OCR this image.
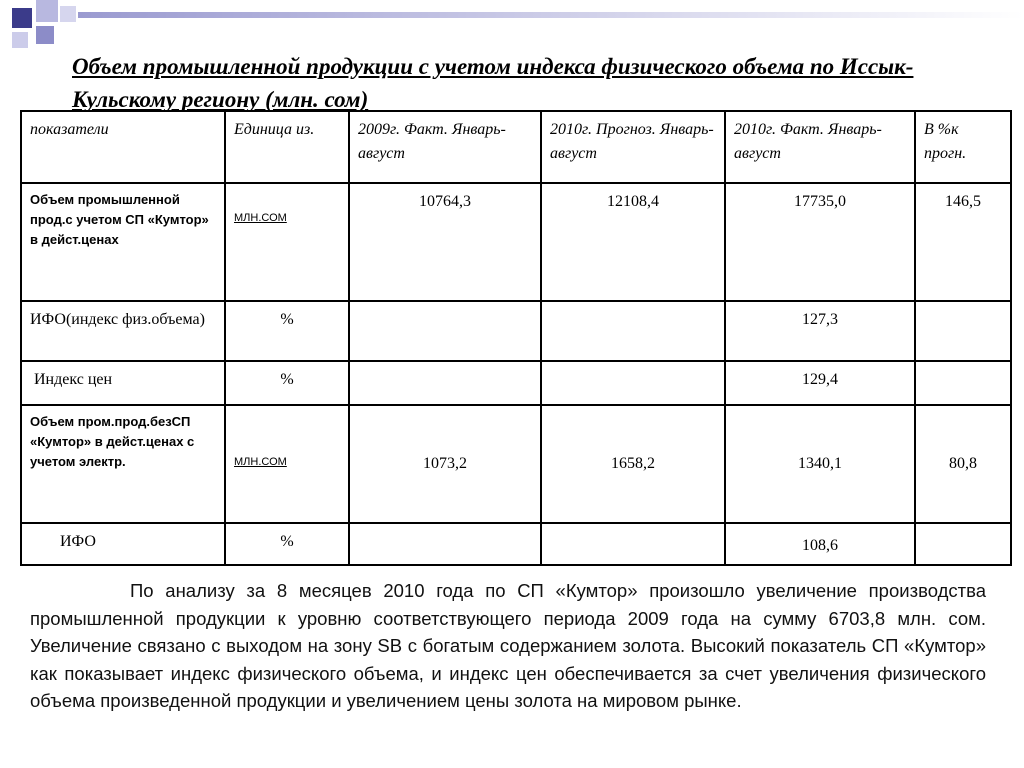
Объем промышленной продукции с учетом индекса физического объема по Иссык-Кульскому региону (млн. сом)
показатели	Единица из.	2009г. Факт. Январь-август	2010г. Прогноз. Январь-август	2010г. Факт. Январь-август	В %к прогн.
Объем промышленной прод.с учетом СП «Кумтор» в дейст.ценах	МЛН.СОМ	10764,3	12108,4	17735,0	146,5
ИФО(индекс физ.объема)	%			127,3	
Индекс цен	%			129,4	
Объем пром.прод.безСП «Кумтор» в дейст.ценах с учетом электр.	МЛН.СОМ	1073,2	1658,2	1340,1	80,8
ИФО	%			108,6	
По анализу за 8 месяцев 2010 года по СП «Кумтор» произошло увеличение производства промышленной продукции к уровню соответствующего периода 2009 года на сумму 6703,8 млн. сом. Увеличение связано с выходом на зону SB с богатым содержанием золота. Высокий показатель СП «Кумтор» как показывает индекс физического объема, и индекс цен обеспечивается за счет увеличения физического объема произведенной продукции и увеличением цены золота на мировом рынке.
